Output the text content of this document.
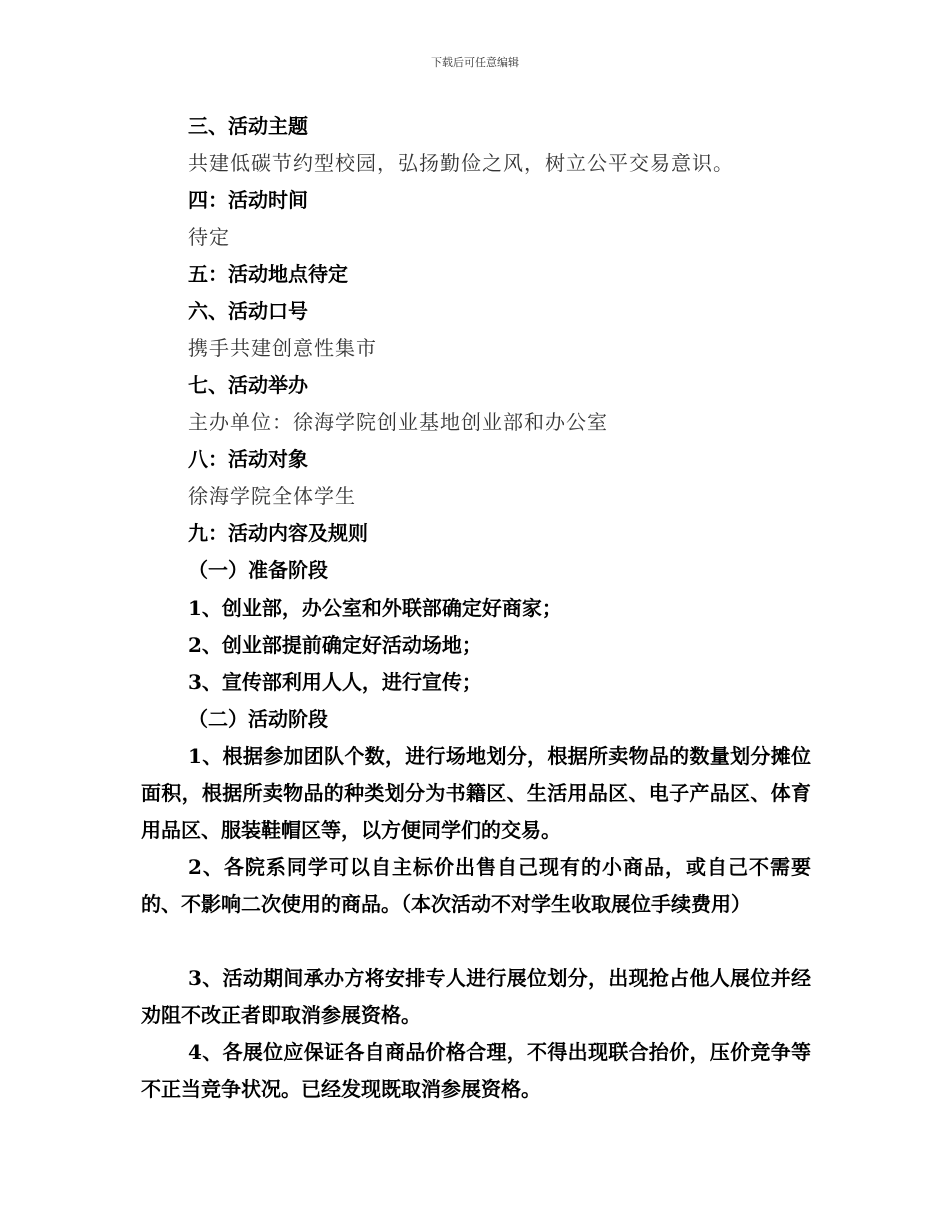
下载后可任意编辑
三、活动主题
共建低碳节约型校园，弘扬勤俭之风，树立公平交易意识。
四：活动时间
待定
五：活动地点待定
六、活动口号
携手共建创意性集市
七、活动举办
主办单位：徐海学院创业基地创业部和办公室
八：活动对象
徐海学院全体学生
九：活动内容及规则
（一）准备阶段
1、创业部，办公室和外联部确定好商家；
2、创业部提前确定好活动场地；
3、宣传部利用人人，进行宣传；
（二）活动阶段
1、根据参加团队个数，进行场地划分，根据所卖物品的数量划分摊位面积，根据所卖物品的种类划分为书籍区、生活用品区、电子产品区、体育用品区、服装鞋帽区等，以方便同学们的交易。
2、各院系同学可以自主标价出售自己现有的小商品，或自己不需要的、不影响二次使用的商品。（本次活动不对学生收取展位手续费用）
3、活动期间承办方将安排专人进行展位划分，出现抢占他人展位并经劝阻不改正者即取消参展资格。
4、各展位应保证各自商品价格合理，不得出现联合抬价，压价竞争等不正当竞争状况。已经发现既取消参展资格。
